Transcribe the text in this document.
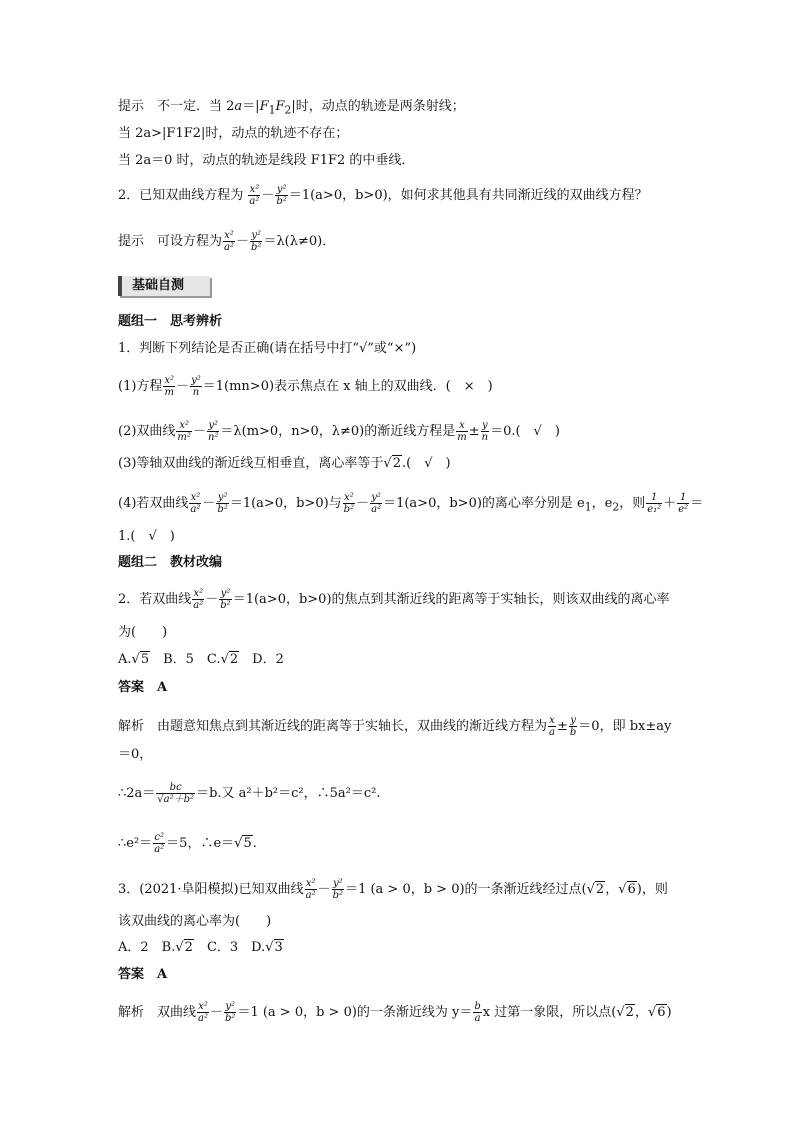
提示　不一定．当 $2a=|F_1F_2|$时，动点的轨迹是两条射线；
当 2a>|F1F2|时，动点的轨迹不存在；
当 2a＝0 时，动点的轨迹是线段 F1F2 的中垂线．
2．已知双曲线方程为 $\frac{\text{x²}}{\text{a²}} - \frac{\text{y²}}{\text{b²}} =1(a>0$，b>0)，如何求其他具有共同渐近线的双曲线方程？
提示　可设方程为 $\frac{\text{x²}}{\text{a²}} - \frac{\text{y²}}{\text{b²}} =\lambda(\lambda\ne 0)$．
基础自测
题组一　思考辨析
1．判断下列结论是否正确(请在括号中打“√”或“×”)
(1)方程 $\frac{\text{x²}}{m} - \frac{\text{y²}}{n} =1(mn>0)$表示焦点在 x 轴上的双曲线．(　×　)
(2)双曲线 $\frac{\text{x²}}{\text{m²}} - \frac{\text{y²}}{\text{n²}} =\lambda(m>0$，n>0，λ≠0)的渐近线方程是 $\frac{x}{m} \pm \frac{y}{n} =0$.(　√　)
(3)等轴双曲线的渐近线互相垂直，离心率等于√2.(　√　)
(4)若双曲线 $\frac{\text{x²}}{\text{a²}} - \frac{\text{y²}}{\text{b²}} =1(a>0$，b>0)与 $\frac{\text{x²}}{\text{b²}} - \frac{\text{y²}}{\text{a²}} =1(a>0$，b>0)的离心率分别是 $e_1$，$e_2$，则 $\frac{1}{\text{e₁²}} + \frac{1}{\text{e²}}$ ＝
1.(　√　)
题组二　教材改编
2．若双曲线 $\frac{\text{x²}}{\text{a²}} - \frac{\text{y²}}{\text{b²}} =1(a>0$，b>0)的焦点到其渐近线的距离等于实轴长，则该双曲线的离心率
为(　　)
A.√5　B．5　C.√2　D．2
答案　A
解析　由题意知焦点到其渐近线的距离等于实轴长，双曲线的渐近线方程为 $\frac{x}{a} \pm \frac{y}{b} =0$，即 bx±ay
＝0，
∴2a＝ $\frac{bc}{\text{√a²＋b²}} =b$.又 a²＋b²＝c²，∴5a²＝c².
∴e²＝ $\frac{\text{c²}}{\text{a²}} =5$，∴e＝√5.
3．(2021·阜阳模拟)已知双曲线 $\frac{\text{x²}}{\text{a²}} - \frac{\text{y²}}{\text{b²}} =1$ (a > 0，b > 0)的一条渐近线经过点(√2，√6)，则
该双曲线的离心率为(　　)
A．2　B.√2　C．3　D.√3
答案　A
解析　双曲线 $\frac{\text{x²}}{\text{a²}} - \frac{\text{y²}}{\text{b²}} =1$ (a > 0，b > 0)的一条渐近线为 $y= \frac{b}{a}$ x 过第一象限，所以点(√2，√6)
